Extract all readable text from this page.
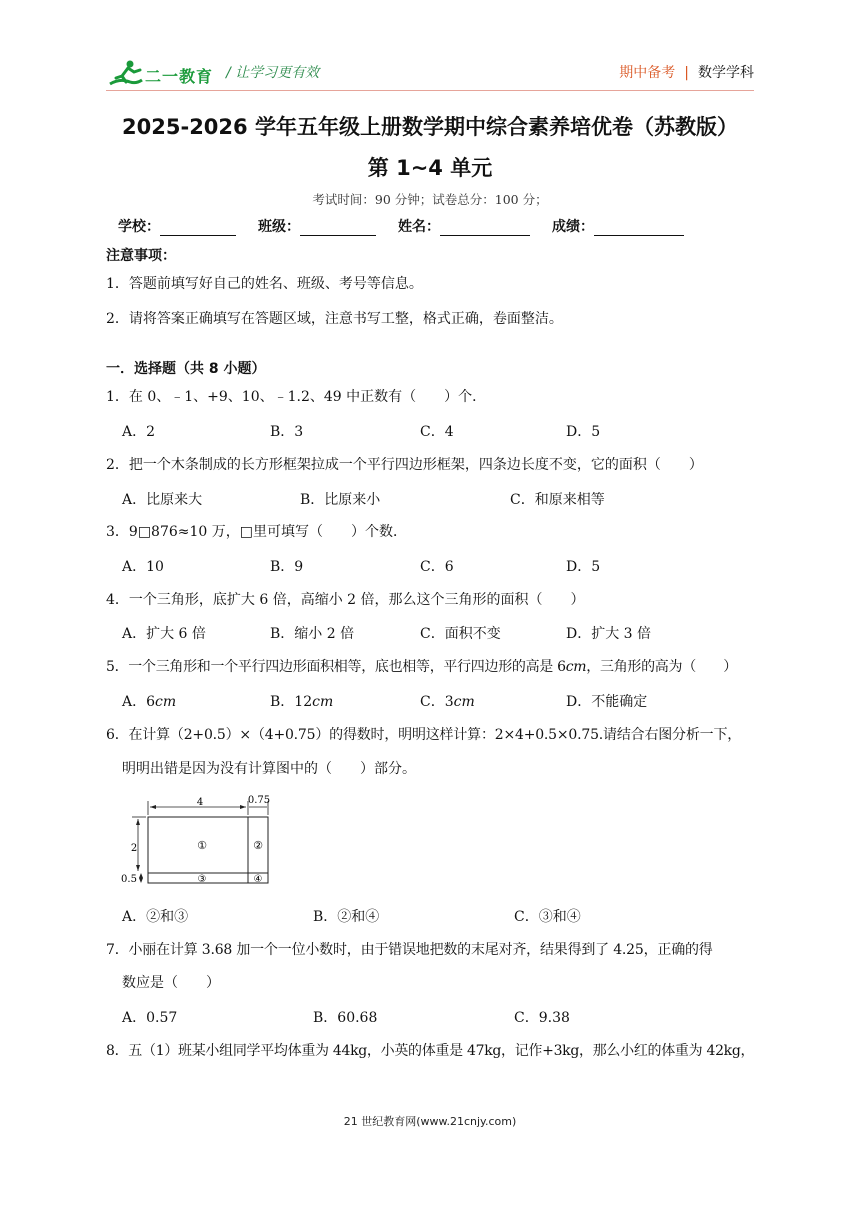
二一教育 / 让学习更有效	期中备考 | 数学学科
2025-2026 学年五年级上册数学期中综合素养培优卷（苏教版）
第 1~4 单元
考试时间：90 分钟；试卷总分：100 分；
学校：	班级：	姓名：	成绩：
注意事项：
1．答题前填写好自己的姓名、班级、考号等信息。
2．请将答案正确填写在答题区域，注意书写工整，格式正确，卷面整洁。
一．选择题（共 8 小题）
1．在 0、﹣1、+9、10、﹣1.2、49 中正数有（　　）个．
A．2	B．3	C．4	D．5
2．把一个木条制成的长方形框架拉成一个平行四边形框架，四条边长度不变，它的面积（　　）
A．比原来大	B．比原来小	C．和原来相等
3．9□876≈10 万，□里可填写（　　）个数．
A．10	B．9	C．6	D．5
4．一个三角形，底扩大 6 倍，高缩小 2 倍，那么这个三角形的面积（　　）
A．扩大 6 倍	B．缩小 2 倍	C．面积不变	D．扩大 3 倍
5．一个三角形和一个平行四边形面积相等，底也相等，平行四边形的高是 6cm，三角形的高为（　　）
A．6cm	B．12cm	C．3cm	D．不能确定
6．在计算（2+0.5）×（4+0.75）的得数时，明明这样计算：2×4+0.5×0.75.请结合右图分析一下，
明明出错是因为没有计算图中的（　　）部分。
4	0.75
2
0.5
①	②
③	④
A．②和③	B．②和④	C．③和④
7．小丽在计算 3.68 加一个一位小数时，由于错误地把数的末尾对齐，结果得到了 4.25，正确的得
数应是（　　）
A．0.57	B．60.68	C．9.38
8．五（1）班某小组同学平均体重为 44kg，小英的体重是 47kg，记作+3kg，那么小红的体重为 42kg，
21 世纪教育网(www.21cnjy.com)
